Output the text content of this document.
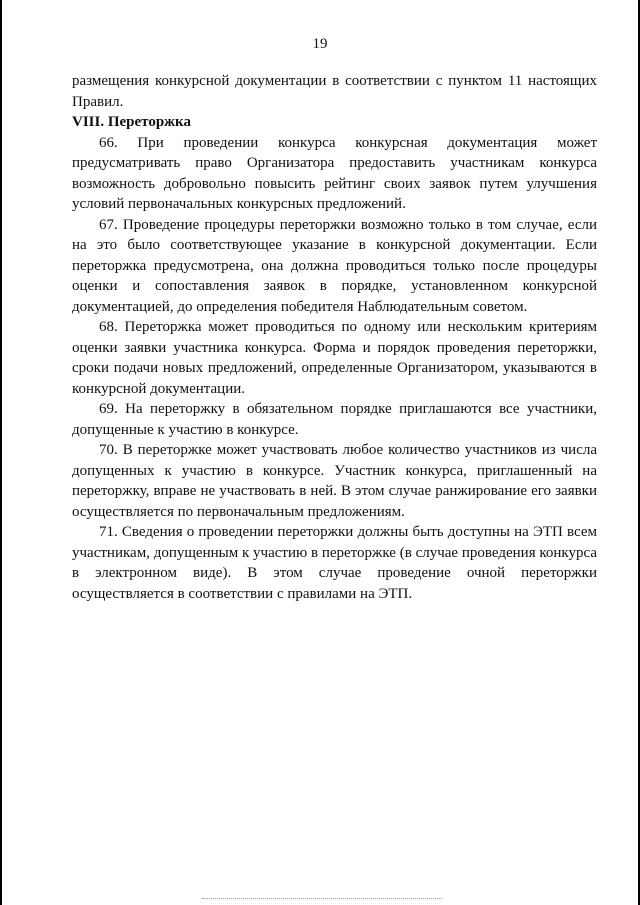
19

размещения конкурсной документации в соответствии с пунктом 11 настоящих Правил.

VIII. Переторжка

66. При проведении конкурса конкурсная документация может предусматривать право Организатора предоставить участникам конкурса возможность добровольно повысить рейтинг своих заявок путем улучшения условий первоначальных конкурсных предложений.

67. Проведение процедуры переторжки возможно только в том случае, если на это было соответствующее указание в конкурсной документации. Если переторжка предусмотрена, она должна проводиться только после процедуры оценки и сопоставления заявок в порядке, установленном конкурсной документацией, до определения победителя Наблюдательным советом.

68. Переторжка может проводиться по одному или нескольким критериям оценки заявки участника конкурса. Форма и порядок проведения переторжки, сроки подачи новых предложений, определенные Организатором, указываются в конкурсной документации.

69. На переторжку в обязательном порядке приглашаются все участники, допущенные к участию в конкурсе.

70. В переторжке может участвовать любое количество участников из числа допущенных к участию в конкурсе. Участник конкурса, приглашенный на переторжку, вправе не участвовать в ней. В этом случае ранжирование его заявки осуществляется по первоначальным предложениям.

71. Сведения о проведении переторжки должны быть доступны на ЭТП всем участникам, допущенным к участию в переторжке (в случае проведения конкурса в электронном виде). В этом случае проведение очной переторжки осуществляется в соответствии с правилами на ЭТП.
